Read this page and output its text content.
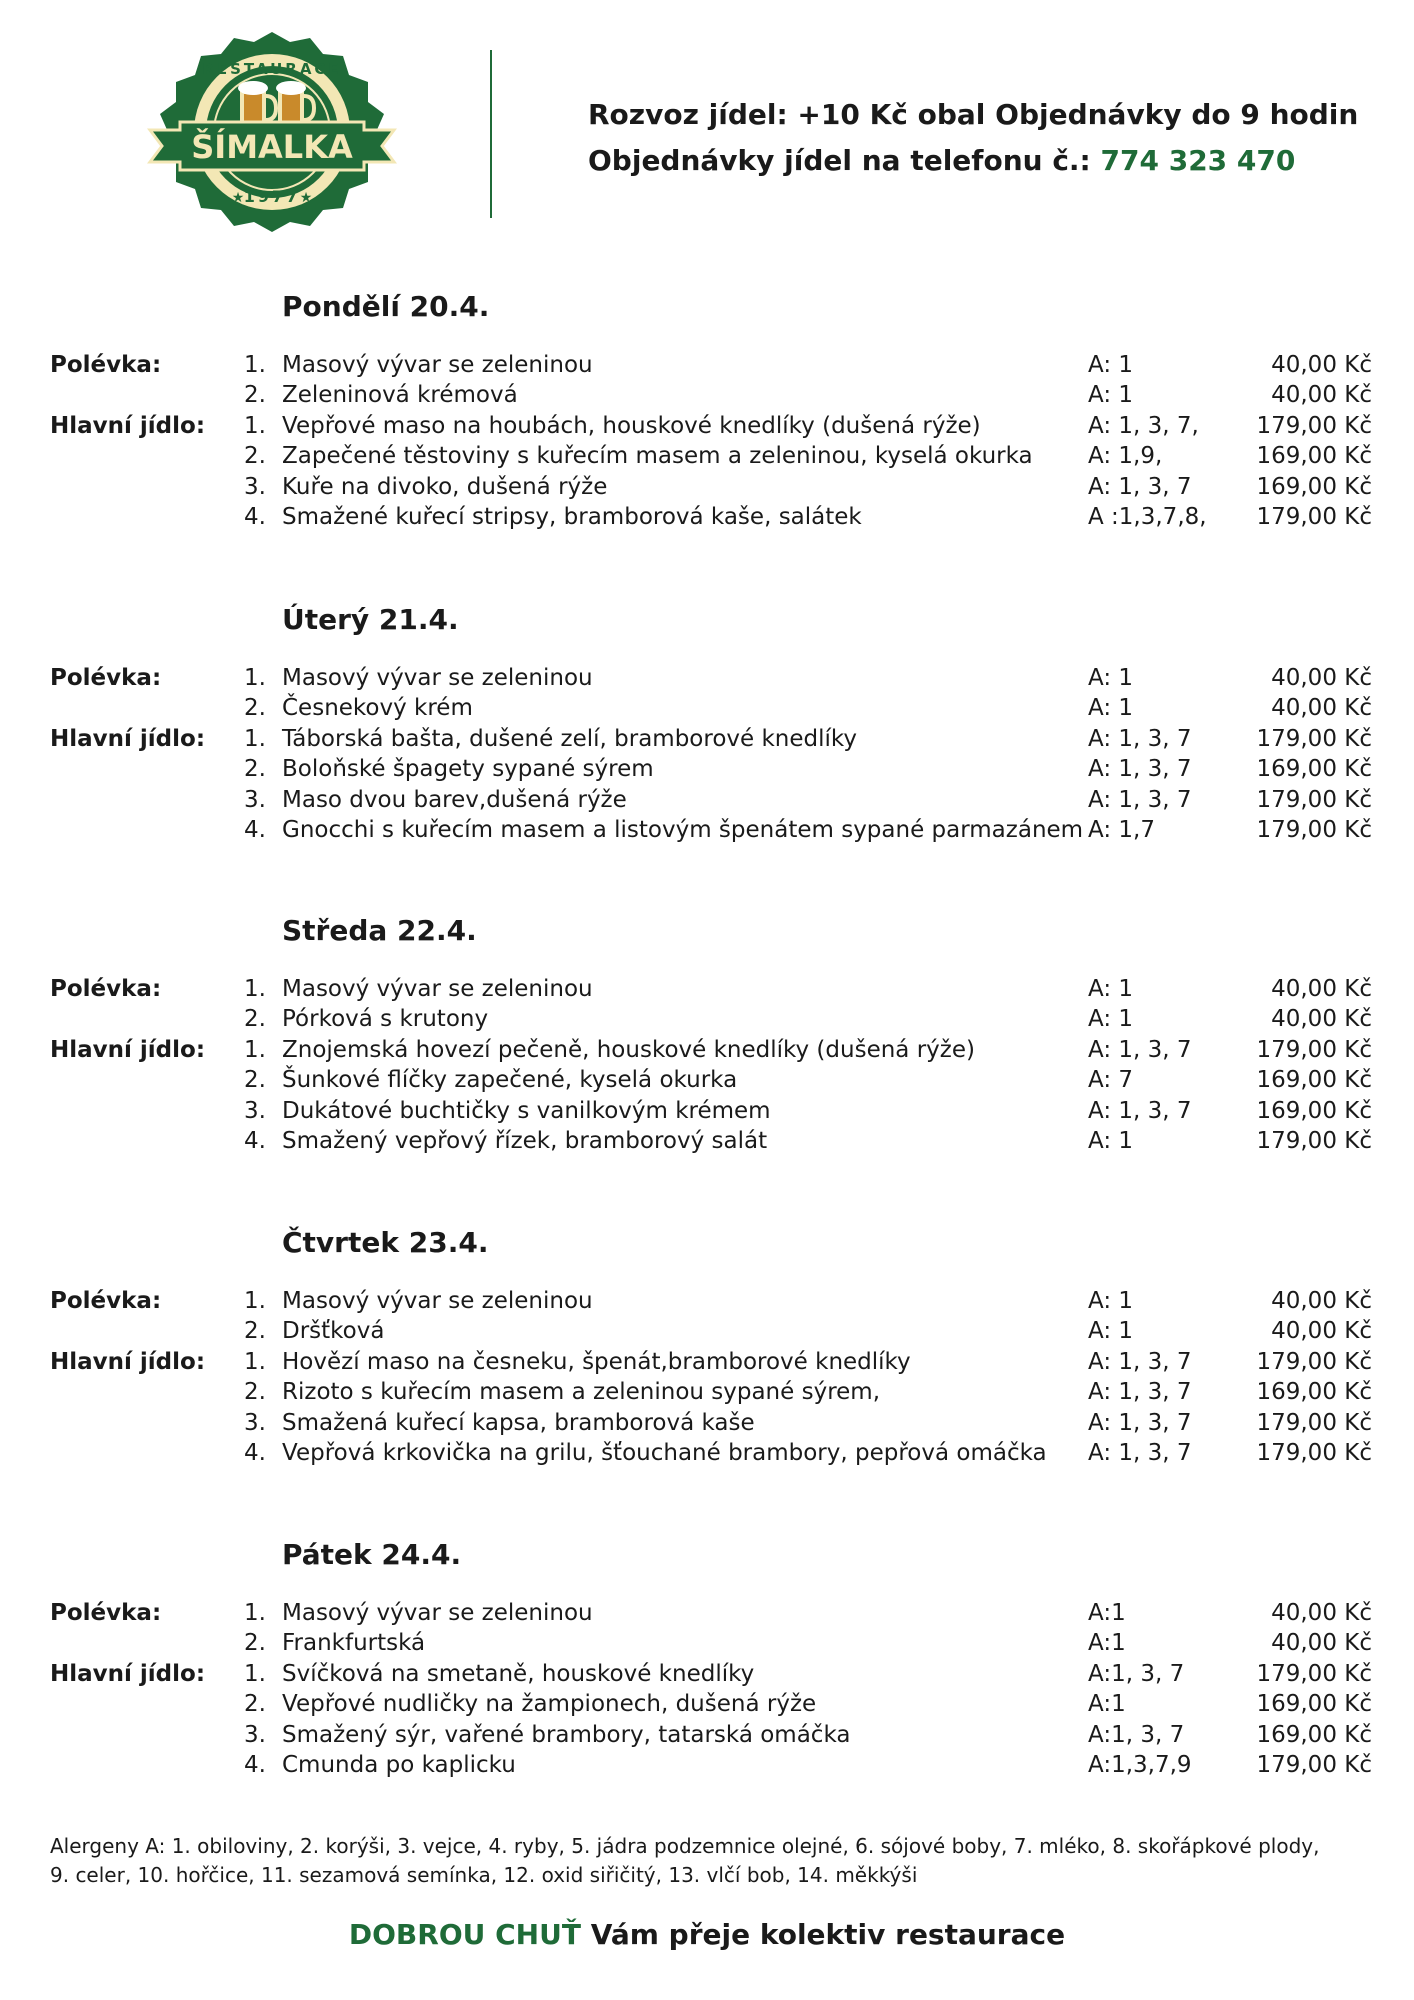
ŠÍMALKA
RESTAURACE
1977
★	★
Rozvoz jídel: +10 Kč obal Objednávky do 9 hodin
Objednávky jídel na telefonu č.: 774 323 470
Pondělí 20.4.
Polévka:	1. Masový vývar se zeleninou	A: 1	40,00 Kč
2. Zeleninová krémová	A: 1	40,00 Kč
Hlavní jídlo: 1. Vepřové maso na houbách, houskové knedlíky (dušená rýže)	A: 1, 3, 7,	179,00 Kč
2. Zapečené těstoviny s kuřecím masem a zeleninou, kyselá okurka A: 1,9,	169,00 Kč
3. Kuře na divoko, dušená rýže	A: 1, 3, 7	169,00 Kč
4. Smažené kuřecí stripsy, bramborová kaše, salátek	A :1,3,7,8, 179,00 Kč
Úterý 21.4.
Polévka:	1. Masový vývar se zeleninou	A: 1	40,00 Kč
2. Česnekový krém	A: 1	40,00 Kč
Hlavní jídlo: 1. Táborská bašta, dušené zelí, bramborové knedlíky	A: 1, 3, 7	179,00 Kč
2. Boloňské špagety sypané sýrem	A: 1, 3, 7	169,00 Kč
3. Maso dvou barev,dušená rýže	A: 1, 3, 7	179,00 Kč
4. Gnocchi s kuřecím masem a listovým špenátem sypané parmazánem A: 1,7	179,00 Kč
Středa 22.4.
Polévka:	1. Masový vývar se zeleninou	A: 1	40,00 Kč
2. Pórková s krutony	A: 1	40,00 Kč
Hlavní jídlo: 1. Znojemská hovezí pečeně, houskové knedlíky (dušená rýže)	A: 1, 3, 7	179,00 Kč
2. Šunkové flíčky zapečené, kyselá okurka	A: 7	169,00 Kč
3. Dukátové buchtičky s vanilkovým krémem	A: 1, 3, 7	169,00 Kč
4. Smažený vepřový řízek, bramborový salát	A: 1	179,00 Kč
Čtvrtek 23.4.
Polévka:	1. Masový vývar se zeleninou	A: 1	40,00 Kč
2. Dršťková	A: 1	40,00 Kč
Hlavní jídlo: 1. Hovězí maso na česneku, špenát,bramborové knedlíky	A: 1, 3, 7	179,00 Kč
2. Rizoto s kuřecím masem a zeleninou sypané sýrem,	A: 1, 3, 7	169,00 Kč
3. Smažená kuřecí kapsa, bramborová kaše	A: 1, 3, 7	179,00 Kč
4. Vepřová krkovička na grilu, šťouchané brambory, pepřová omáčka A: 1, 3, 7	179,00 Kč
Pátek 24.4.
Polévka:	1. Masový vývar se zeleninou	A:1	40,00 Kč
2. Frankfurtská	A:1	40,00 Kč
Hlavní jídlo: 1. Svíčková na smetaně, houskové knedlíky	A:1, 3, 7	179,00 Kč
2. Vepřové nudličky na žampionech, dušená rýže	A:1	169,00 Kč
3. Smažený sýr, vařené brambory, tatarská omáčka	A:1, 3, 7	169,00 Kč
4. Cmunda po kaplicku	A:1,3,7,9	179,00 Kč
Alergeny A: 1. obiloviny, 2. korýši, 3. vejce, 4. ryby, 5. jádra podzemnice olejné, 6. sójové boby, 7. mléko, 8. skořápkové plody,
9. celer, 10. hořčice, 11. sezamová semínka, 12. oxid siřičitý, 13. vlčí bob, 14. měkkýši
DOBROU CHUŤ Vám přeje kolektiv restaurace
